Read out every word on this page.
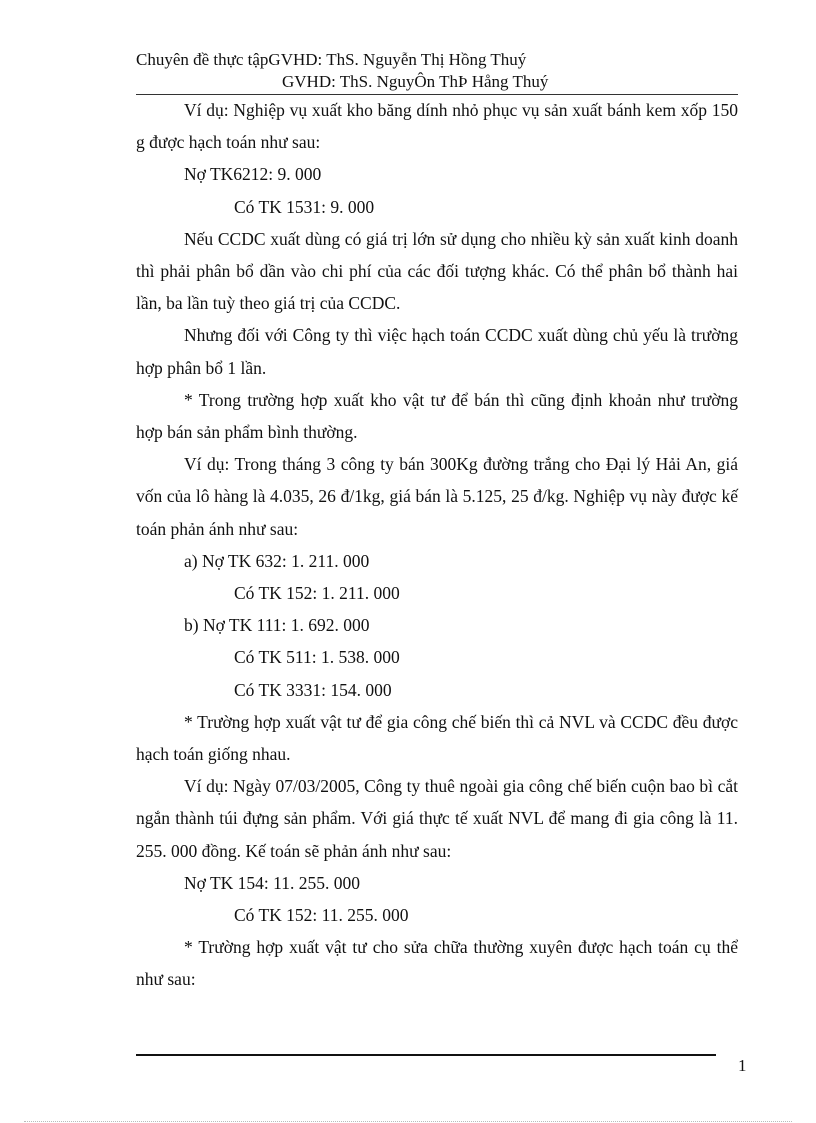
Chuyên đề thực tậpGVHD: ThS. Nguyễn Thị Hồng Thuý
GVHD: ThS. NguyÔn ThÞ Hång Thuý

Ví dụ: Nghiệp vụ xuất kho băng dính nhỏ phục vụ sản xuất bánh kem xốp 150 g được hạch toán như sau:

Nợ TK6212: 9. 000
Có TK 1531: 9. 000

Nếu CCDC xuất dùng có giá trị lớn sử dụng cho nhiều kỳ sản xuất kinh doanh thì phải phân bổ dần vào chi phí của các đối tượng khác. Có thể phân bổ thành hai lần, ba lần tuỳ theo giá trị của CCDC.

Nhưng đối với Công ty thì việc hạch toán CCDC xuất dùng chủ yếu là trường hợp phân bổ 1 lần.

* Trong trường hợp xuất kho vật tư để bán thì cũng định khoản như trường hợp bán sản phẩm bình thường.

Ví dụ: Trong tháng 3 công ty bán 300Kg đường trắng cho Đại lý Hải An, giá vốn của lô hàng là 4.035, 26 đ/1kg, giá bán là 5.125, 25 đ/kg. Nghiệp vụ này được kế toán phản ánh như sau:

a) Nợ TK 632: 1. 211. 000
Có TK 152: 1. 211. 000
b) Nợ TK 111: 1. 692. 000
Có TK 511: 1. 538. 000
Có TK 3331: 154. 000

* Trường hợp xuất vật tư để gia công chế biến thì cả NVL và CCDC đều được hạch toán giống nhau.

Ví dụ: Ngày 07/03/2005, Công ty thuê ngoài gia công chế biến cuộn bao bì cắt ngắn thành túi đựng sản phẩm. Với giá thực tế xuất NVL để mang đi gia công là 11. 255. 000 đồng. Kế toán sẽ phản ánh như sau:

Nợ TK 154: 11. 255. 000
Có TK 152: 11. 255. 000

* Trường hợp xuất vật tư cho sửa chữa thường xuyên được hạch toán cụ thể như sau:

1
